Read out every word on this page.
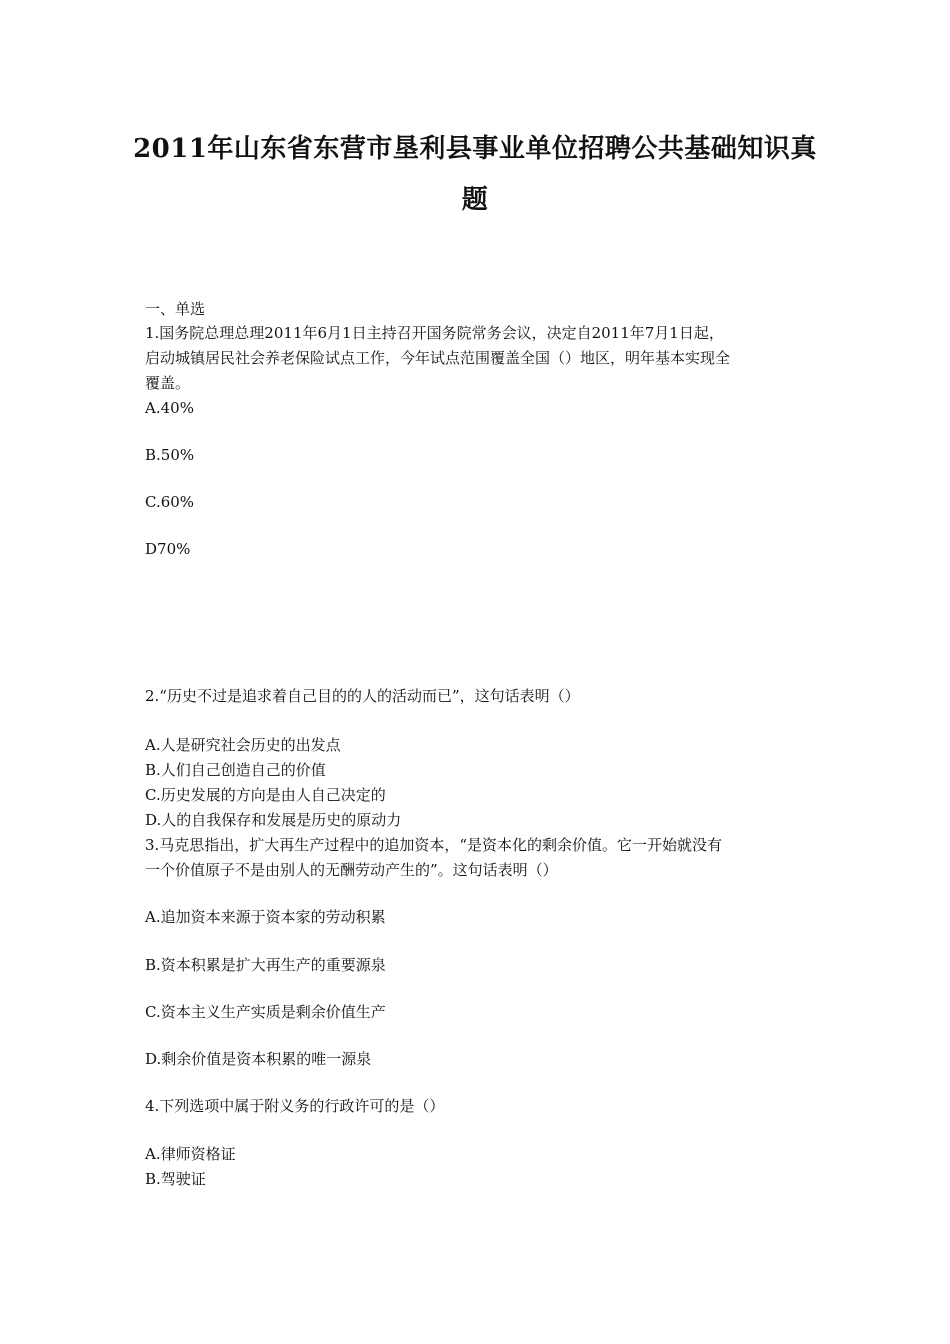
2011年山东省东营市垦利县事业单位招聘公共基础知识真
题
一、单选
1.国务院总理总理2011年6月1日主持召开国务院常务会议，决定自2011年7月1日起，
启动城镇居民社会养老保险试点工作，今年试点范围覆盖全国（）地区，明年基本实现全
覆盖。
A.40%
B.50%
C.60%
D70%
2.“历史不过是追求着自己目的的人的活动而已”，这句话表明（）
A.人是研究社会历史的出发点
B.人们自己创造自己的价值
C.历史发展的方向是由人自己决定的
D.人的自我保存和发展是历史的原动力
3.马克思指出，扩大再生产过程中的追加资本，“是资本化的剩余价值。它一开始就没有
一个价值原子不是由别人的无酬劳动产生的”。这句话表明（）
A.追加资本来源于资本家的劳动积累
B.资本积累是扩大再生产的重要源泉
C.资本主义生产实质是剩余价值生产
D.剩余价值是资本积累的唯一源泉
4.下列选项中属于附义务的行政许可的是（）
A.律师资格证
B.驾驶证
